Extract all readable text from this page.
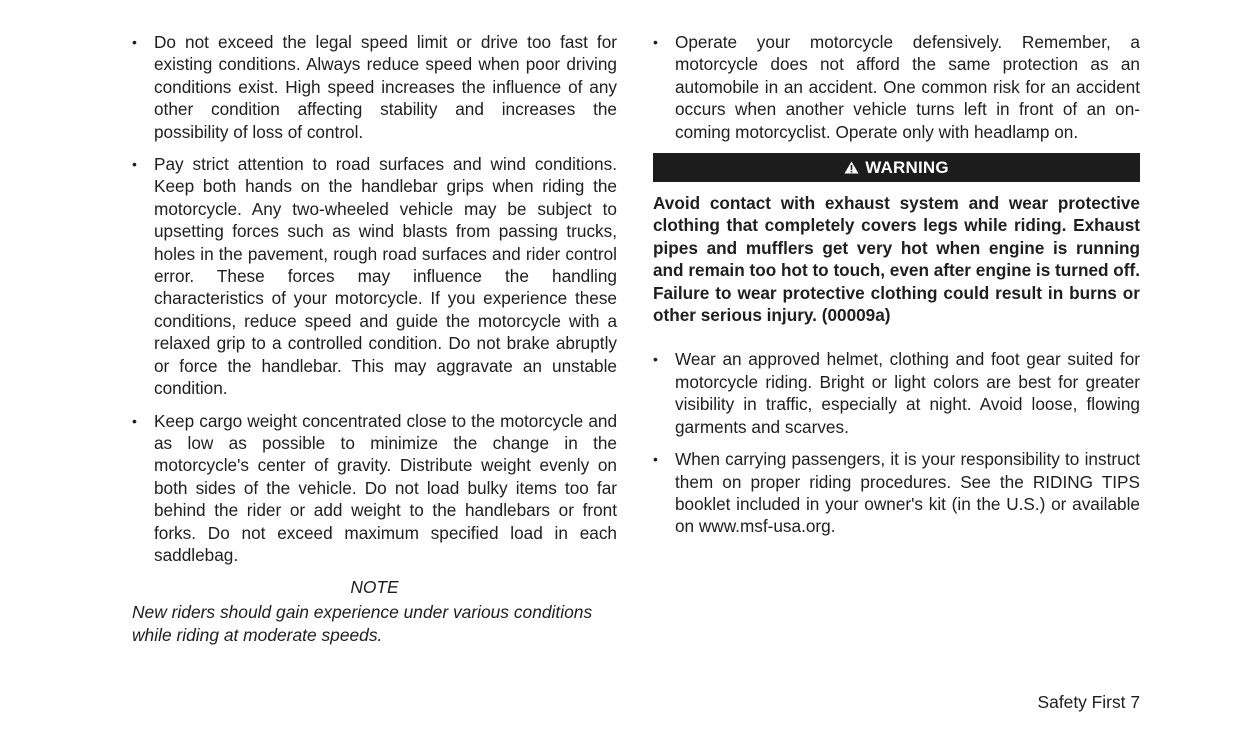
• Do not exceed the legal speed limit or drive too fast for existing conditions. Always reduce speed when poor driving conditions exist. High speed increases the influence of any other condition affecting stability and increases the possibility of loss of control.
• Pay strict attention to road surfaces and wind conditions. Keep both hands on the handlebar grips when riding the motorcycle. Any two-wheeled vehicle may be subject to upsetting forces such as wind blasts from passing trucks, holes in the pavement, rough road surfaces and rider control error. These forces may influence the handling characteristics of your motorcycle. If you experience these conditions, reduce speed and guide the motorcycle with a relaxed grip to a controlled condition. Do not brake abruptly or force the handlebar. This may aggravate an unstable condition.
• Keep cargo weight concentrated close to the motorcycle and as low as possible to minimize the change in the motorcycle's center of gravity. Distribute weight evenly on both sides of the vehicle. Do not load bulky items too far behind the rider or add weight to the handlebars or front forks. Do not exceed maximum specified load in each saddlebag.
NOTE
New riders should gain experience under various conditions while riding at moderate speeds.
• Operate your motorcycle defensively. Remember, a motorcycle does not afford the same protection as an automobile in an accident. One common risk for an accident occurs when another vehicle turns left in front of an on-coming motorcyclist. Operate only with headlamp on.
WARNING
Avoid contact with exhaust system and wear protective clothing that completely covers legs while riding. Exhaust pipes and mufflers get very hot when engine is running and remain too hot to touch, even after engine is turned off. Failure to wear protective clothing could result in burns or other serious injury. (00009a)
• Wear an approved helmet, clothing and foot gear suited for motorcycle riding. Bright or light colors are best for greater visibility in traffic, especially at night. Avoid loose, flowing garments and scarves.
• When carrying passengers, it is your responsibility to instruct them on proper riding procedures. See the RIDING TIPS booklet included in your owner's kit (in the U.S.) or available on www.msf-usa.org.
Safety First 7
